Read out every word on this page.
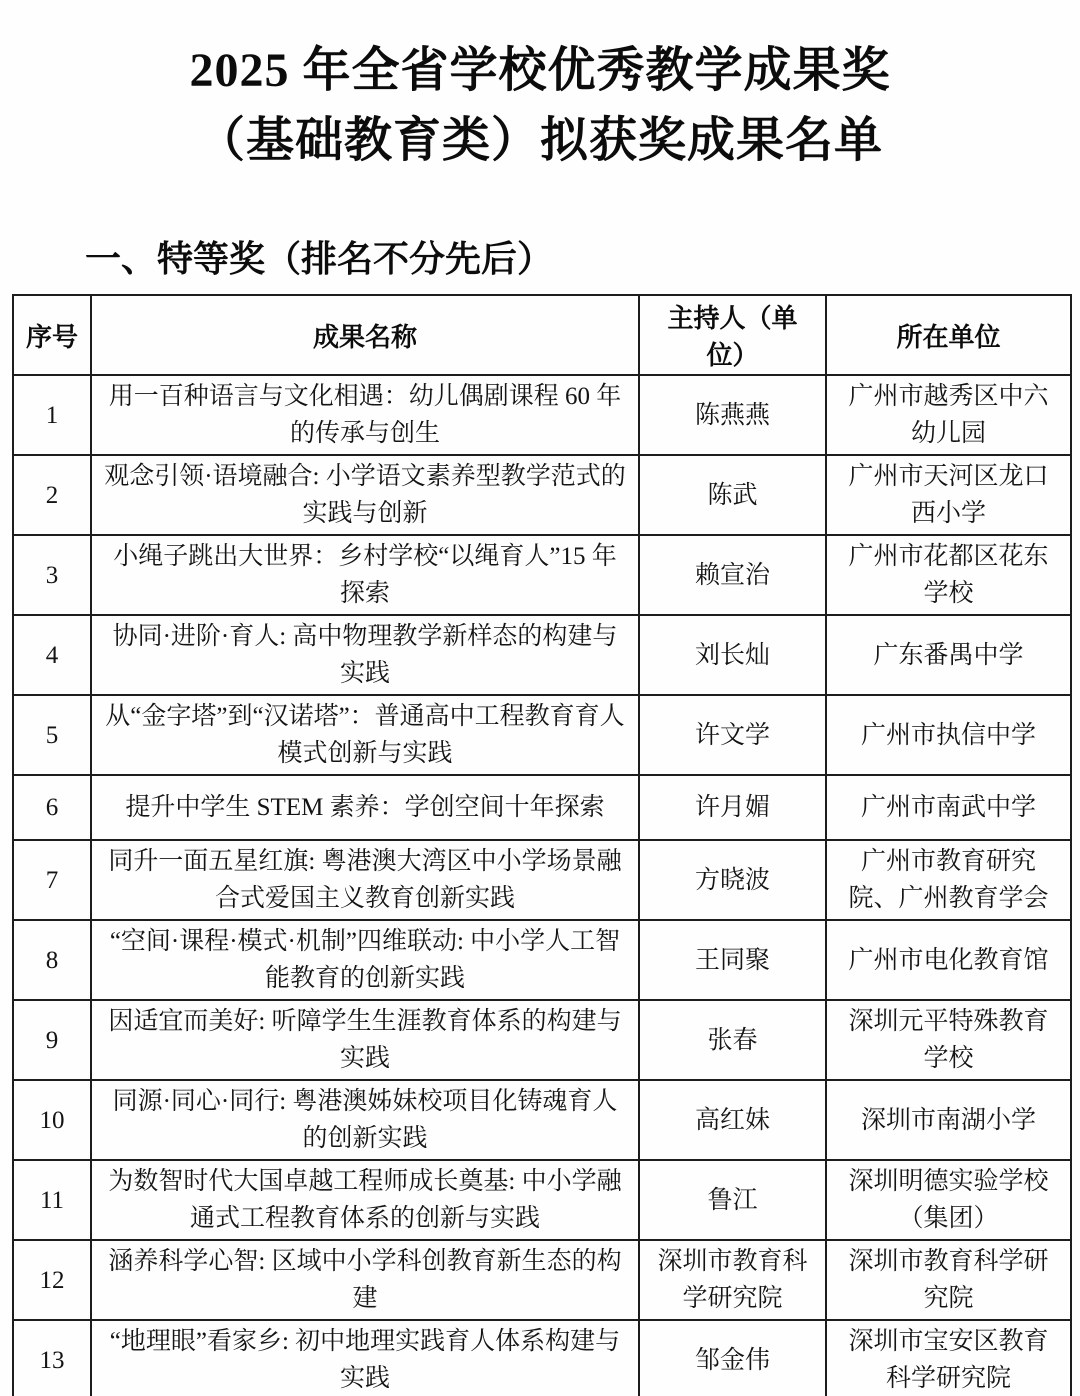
2025 年全省学校优秀教学成果奖
（基础教育类）拟获奖成果名单
一、特等奖（排名不分先后）
序号	成果名称	主持人（单位）	所在单位
1	用一百种语言与文化相遇：幼儿偶剧课程 60 年的传承与创生	陈燕燕	广州市越秀区中六幼儿园
2	观念引领·语境融合: 小学语文素养型教学范式的实践与创新	陈武	广州市天河区龙口西小学
3	小绳子跳出大世界：乡村学校“以绳育人”15 年探索	赖宣治	广州市花都区花东学校
4	协同·进阶·育人: 高中物理教学新样态的构建与实践	刘长灿	广东番禺中学
5	从“金字塔”到“汉诺塔”：普通高中工程教育育人模式创新与实践	许文学	广州市执信中学
6	提升中学生 STEM 素养：学创空间十年探索	许月媚	广州市南武中学
7	同升一面五星红旗: 粤港澳大湾区中小学场景融合式爱国主义教育创新实践	方晓波	广州市教育研究院、广州教育学会
8	“空间·课程·模式·机制”四维联动: 中小学人工智能教育的创新实践	王同聚	广州市电化教育馆
9	因适宜而美好: 听障学生生涯教育体系的构建与实践	张春	深圳元平特殊教育学校
10	同源·同心·同行: 粤港澳姊妹校项目化铸魂育人的创新实践	高红妹	深圳市南湖小学
11	为数智时代大国卓越工程师成长奠基: 中小学融通式工程教育体系的创新与实践	鲁江	深圳明德实验学校（集团）
12	涵养科学心智: 区域中小学科创教育新生态的构建	深圳市教育科学研究院	深圳市教育科学研究院
13	“地理眼”看家乡: 初中地理实践育人体系构建与实践	邹金伟	深圳市宝安区教育科学研究院
